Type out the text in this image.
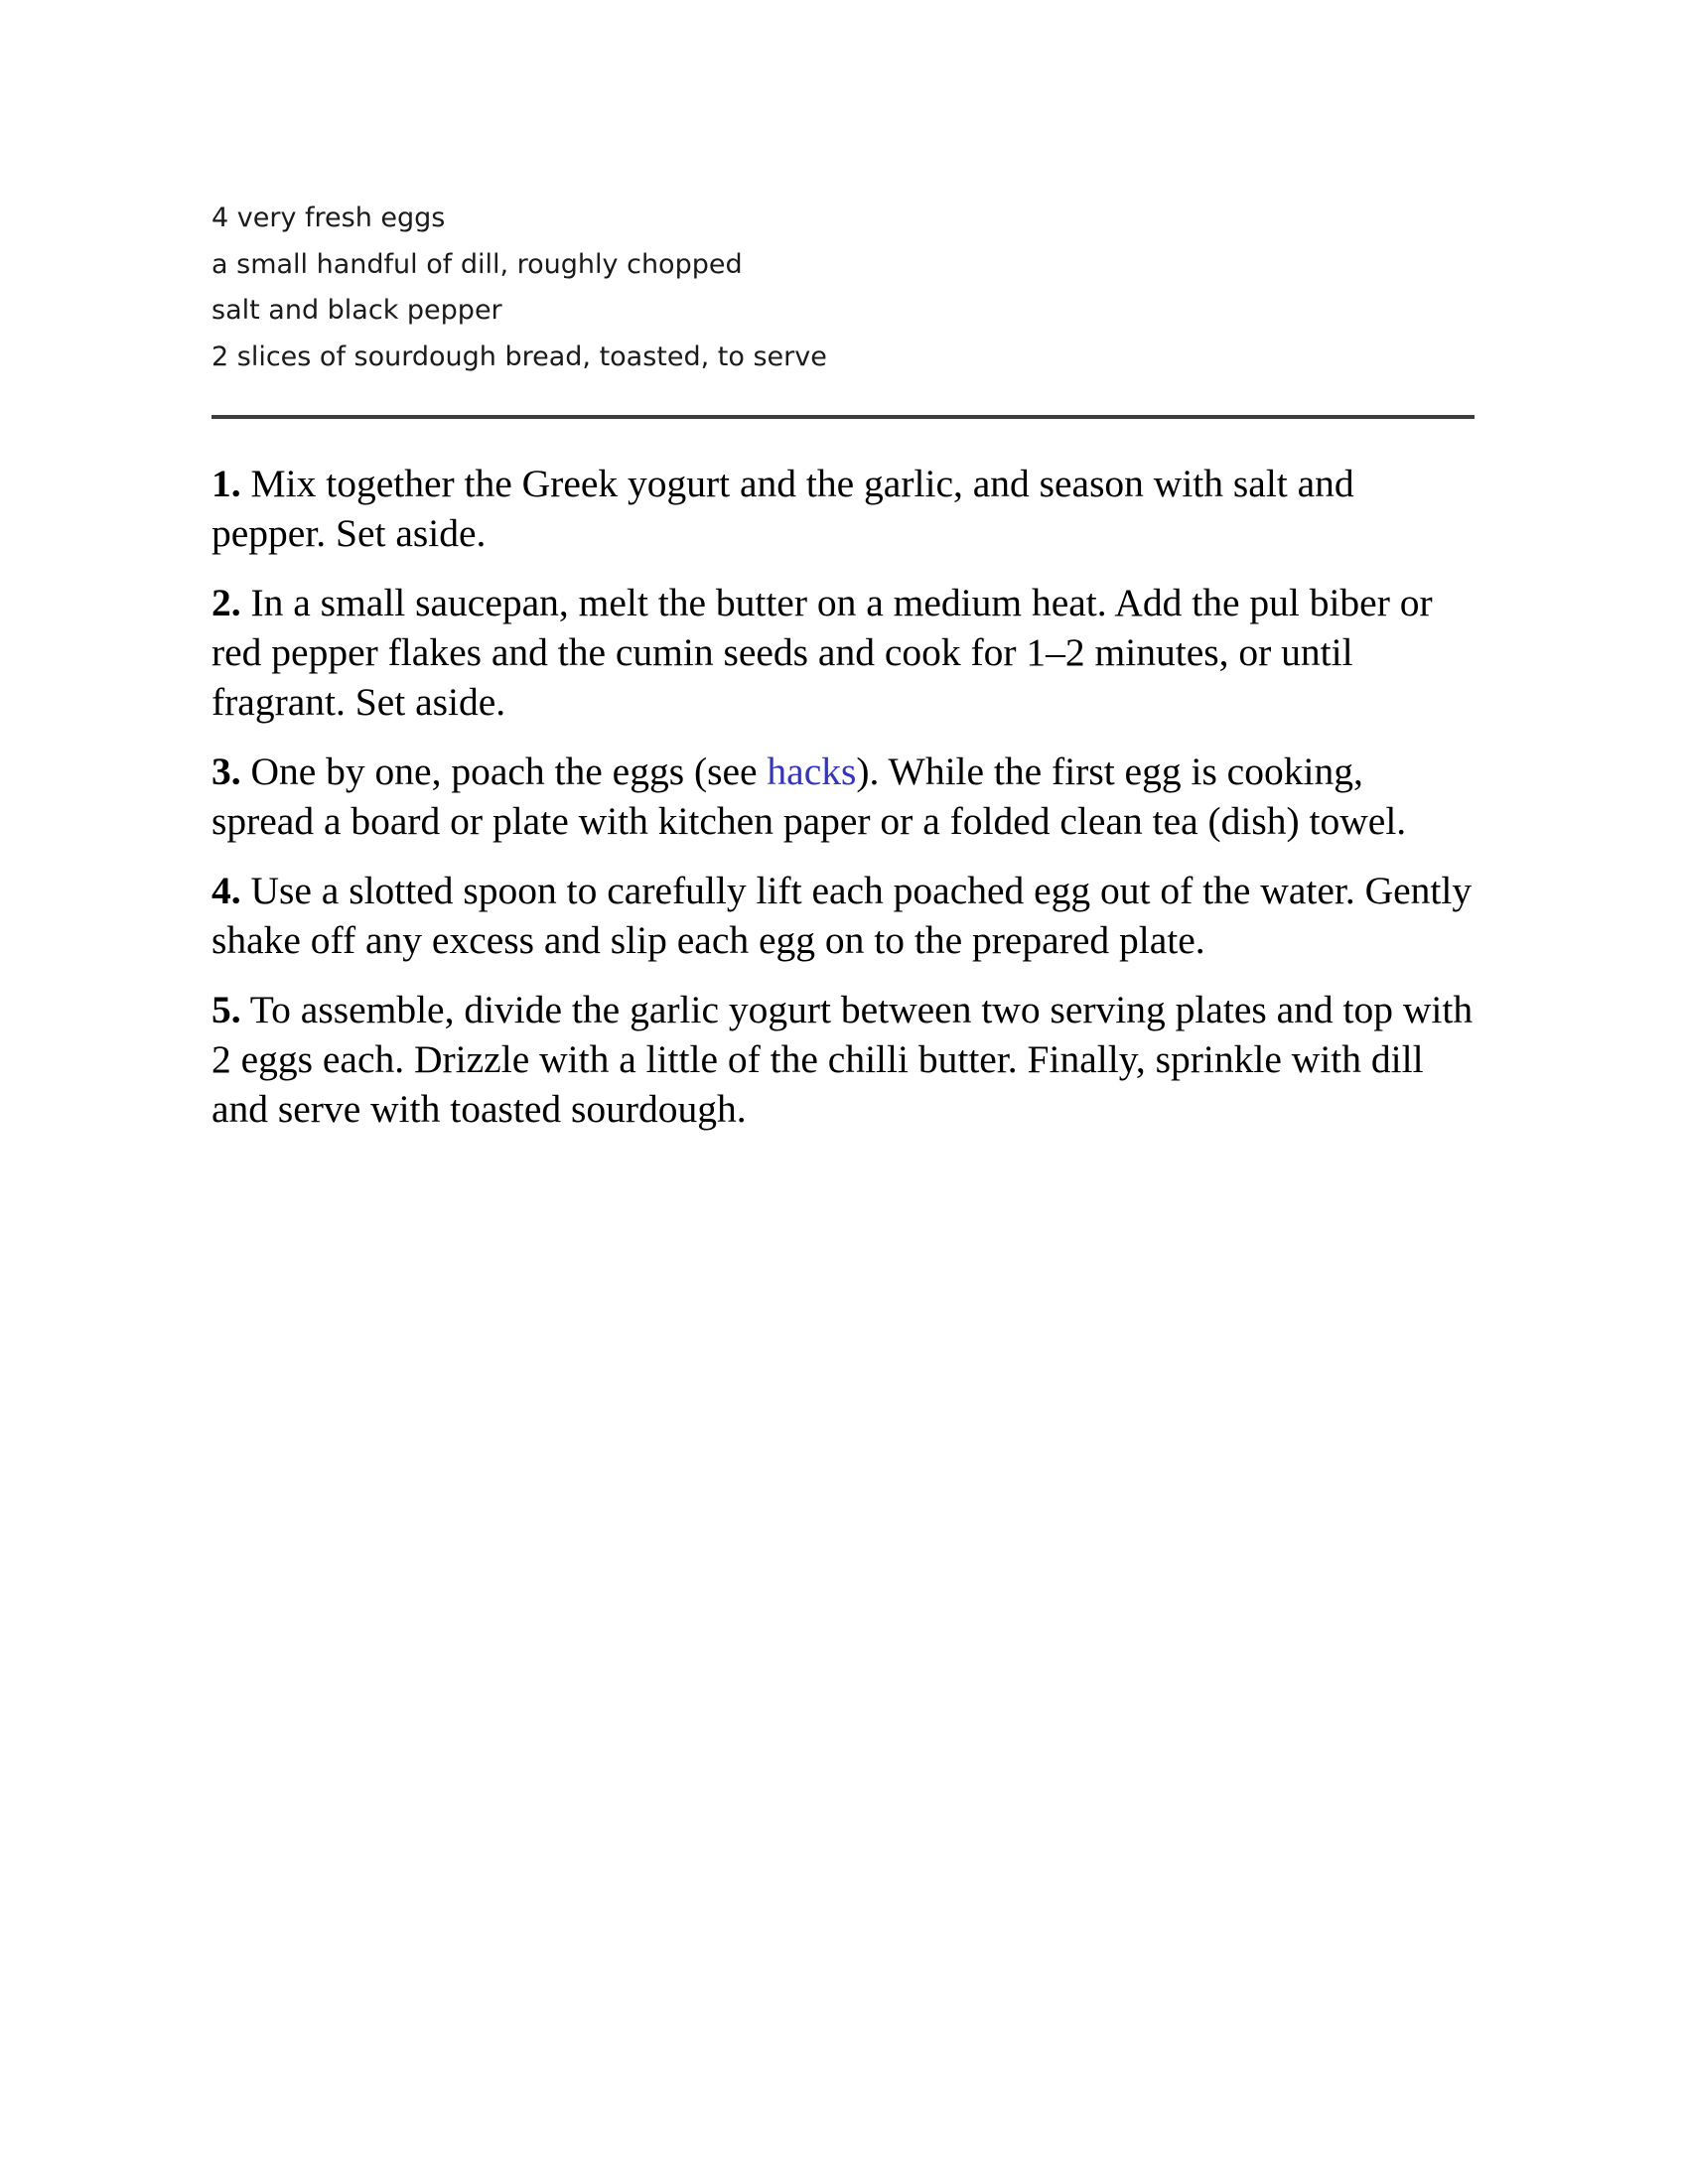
4 very fresh eggs
a small handful of dill, roughly chopped
salt and black pepper
2 slices of sourdough bread, toasted, to serve
1. Mix together the Greek yogurt and the garlic, and season with salt and pepper. Set aside.
2. In a small saucepan, melt the butter on a medium heat. Add the pul biber or red pepper flakes and the cumin seeds and cook for 1–2 minutes, or until fragrant. Set aside.
3. One by one, poach the eggs (see hacks). While the first egg is cooking, spread a board or plate with kitchen paper or a folded clean tea (dish) towel.
4. Use a slotted spoon to carefully lift each poached egg out of the water. Gently shake off any excess and slip each egg on to the prepared plate.
5. To assemble, divide the garlic yogurt between two serving plates and top with 2 eggs each. Drizzle with a little of the chilli butter. Finally, sprinkle with dill and serve with toasted sourdough.
